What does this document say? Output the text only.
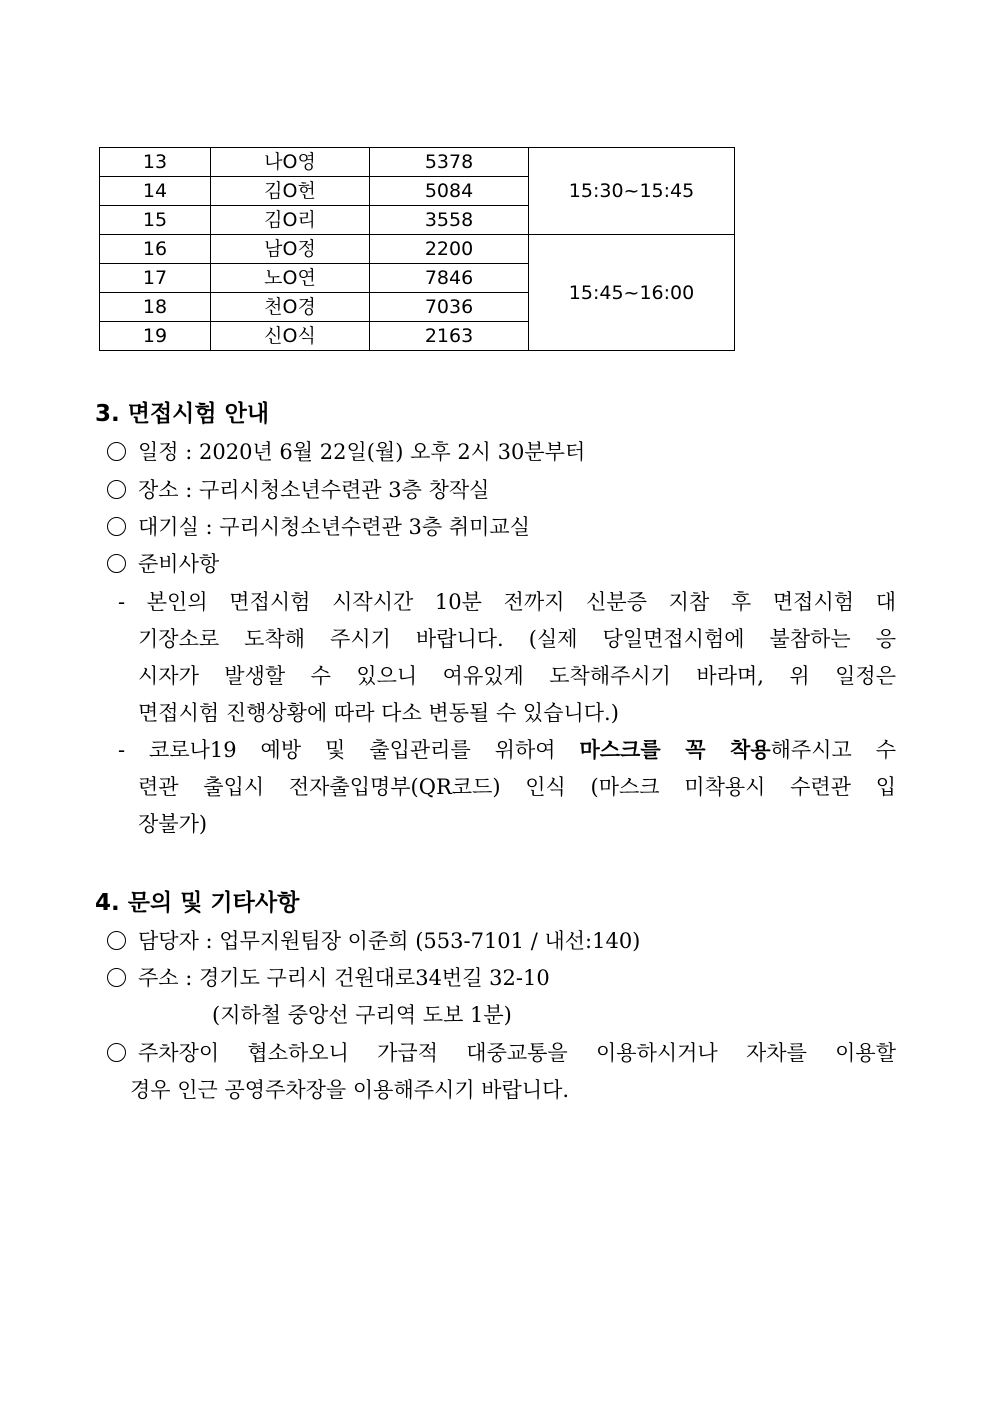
13	나O영	5378	15:30~15:45
14	김O헌	5084	
15	김O리	3558	
16	남O정	2200	15:45~16:00
17	노O연	7846	
18	천O경	7036	
19	신O식	2163	
3. 면접시험 안내
일정 : 2020년 6월 22일(월) 오후 2시 30분부터
장소 : 구리시청소년수련관 3층 창작실
대기실 : 구리시청소년수련관 3층 취미교실
준비사항
- 본인의 면접시험 시작시간 10분 전까지 신분증 지참 후 면접시험 대
기장소로 도착해 주시기 바랍니다. (실제 당일면접시험에 불참하는 응
시자가 발생할 수 있으니 여유있게 도착해주시기 바라며, 위 일정은
면접시험 진행상황에 따라 다소 변동될 수 있습니다.)
- 코로나19 예방 및 출입관리를 위하여 마스크를 꼭 착용해주시고 수
련관 출입시 전자출입명부(QR코드) 인식 (마스크 미착용시 수련관 입
장불가)
4. 문의 및 기타사항
담당자 : 업무지원팀장 이준희 (553-7101 / 내선:140)
주소 : 경기도 구리시 건원대로34번길 32-10
(지하철 중앙선 구리역 도보 1분)
주차장이 협소하오니 가급적 대중교통을 이용하시거나 자차를 이용할
경우 인근 공영주차장을 이용해주시기 바랍니다.
